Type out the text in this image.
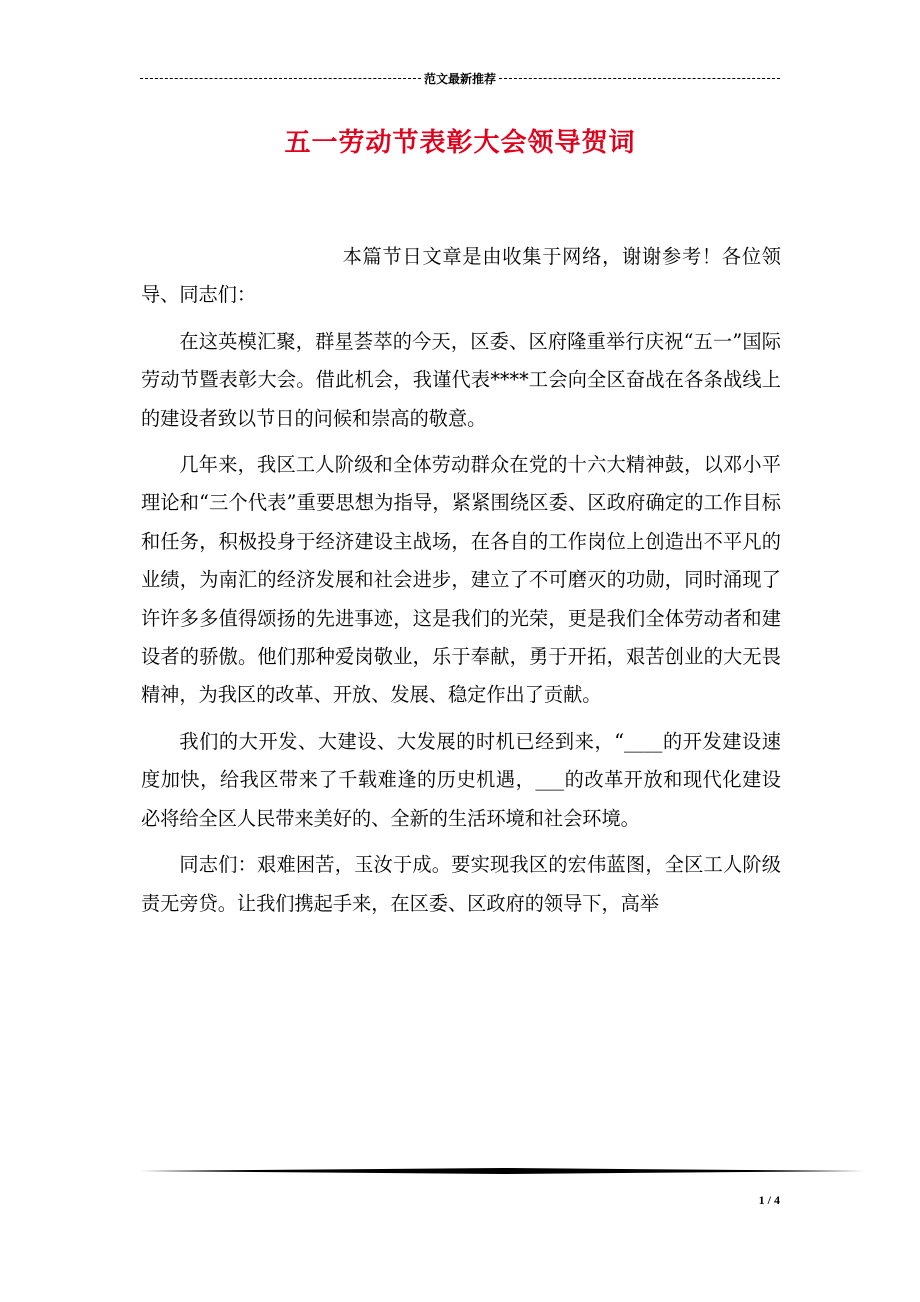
范文最新推荐
五一劳动节表彰大会领导贺词

本篇节日文章是由收集于网络，谢谢参考！各位领导、同志们：

在这英模汇聚，群星荟萃的今天，区委、区府隆重举行庆祝“五一”国际劳动节暨表彰大会。借此机会，我谨代表****工会向全区奋战在各条战线上的建设者致以节日的问候和崇高的敬意。

几年来，我区工人阶级和全体劳动群众在党的十六大精神鼓，以邓小平理论和“三个代表”重要思想为指导，紧紧围绕区委、区政府确定的工作目标和任务，积极投身于经济建设主战场，在各自的工作岗位上创造出不平凡的业绩，为南汇的经济发展和社会进步，建立了不可磨灭的功勋，同时涌现了许许多多值得颂扬的先进事迹，这是我们的光荣，更是我们全体劳动者和建设者的骄傲。他们那种爱岗敬业，乐于奉献，勇于开拓，艰苦创业的大无畏精神，为我区的改革、开放、发展、稳定作出了贡献。

我们的大开发、大建设、大发展的时机已经到来，“____的开发建设速度加快，给我区带来了千载难逢的历史机遇，___的改革开放和现代化建设必将给全区人民带来美好的、全新的生活环境和社会环境。

同志们：艰难困苦，玉汝于成。要实现我区的宏伟蓝图，全区工人阶级责无旁贷。让我们携起手来，在区委、区政府的领导下，高举

1 / 4
